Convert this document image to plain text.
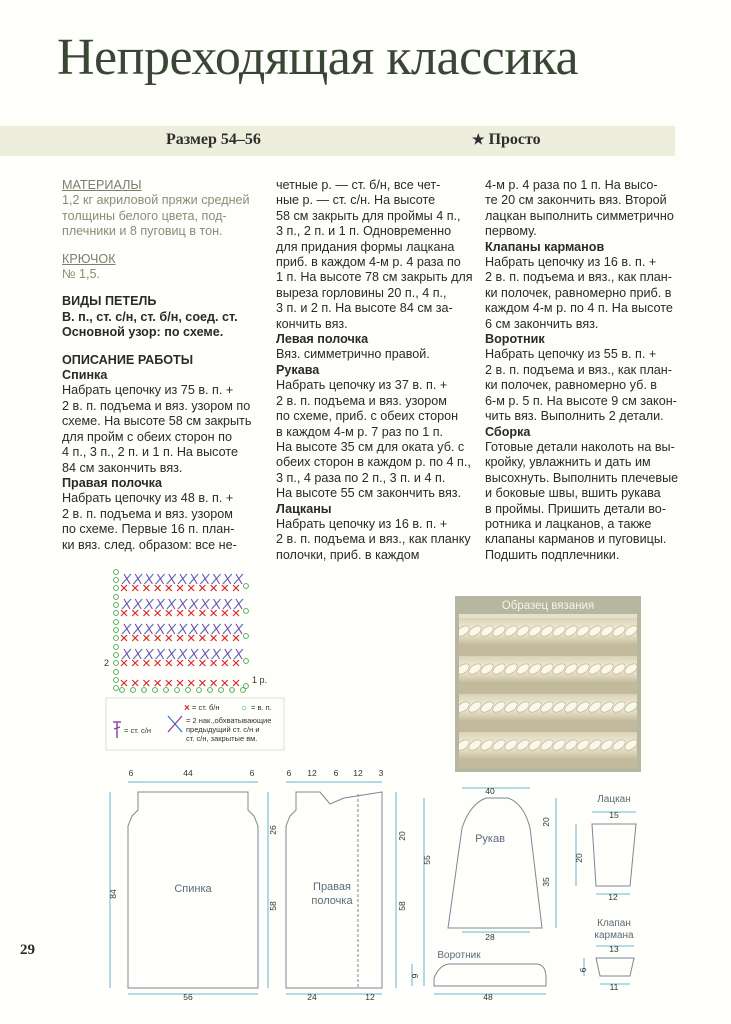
Непреходящая классика
Размер 54–56	★ Просто

МАТЕРИАЛЫ

1,2 кг акриловой пряжи средней

толщины белого цвета, под-

плечники и 8 пуговиц в тон.

КРЮЧОК

№ 1,5.

ВИДЫ ПЕТЕЛЬ

В. п., ст. с/н, ст. б/н, соед. ст.

Основной узор: по схеме.

ОПИСАНИЕ РАБОТЫ

Спинка

Набрать цепочку из 75 в. п. +

2 в. п. подъема и вяз. узором по

схеме. На высоте 58 см закрыть

для пройм с обеих сторон по

4 п., 3 п., 2 п. и 1 п. На высоте

84 см закончить вяз.

Правая полочка

Набрать цепочку из 48 в. п. +

2 в. п. подъема и вяз. узором

по схеме. Первые 16 п. план-

ки вяз. след. образом: все не-

четные р. — ст. б/н, все чет-

ные р. — ст. с/н. На высоте

58 см закрыть для проймы 4 п.,

3 п., 2 п. и 1 п. Одновременно

для придания формы лацкана

приб. в каждом 4-м р. 4 раза по

1 п. На высоте 78 см закрыть для

выреза горловины 20 п., 4 п.,

3 п. и 2 п. На высоте 84 см за-

кончить вяз.

Левая полочка

Вяз. симметрично правой.

Рукава

Набрать цепочку из 37 в. п. +

2 в. п. подъема и вяз. узором

по схеме, приб. с обеих сторон

в каждом 4-м р. 7 раз по 1 п.

На высоте 35 см для оката уб. с

обеих сторон в каждом р. по 4 п.,

3 п., 4 раза по 2 п., 3 п. и 4 п.

На высоте 55 см закончить вяз.

Лацканы

Набрать цепочку из 16 в. п. +

2 в. п. подъема и вяз., как планку

полочки, приб. в каждом

4-м р. 4 раза по 1 п. На высо-

те 20 см закончить вяз. Второй

лацкан выполнить симметрично

первому.

Клапаны карманов

Набрать цепочку из 16 в. п. +

2 в. п. подъема и вяз., как план-

ки полочек, равномерно приб. в

каждом 4-м р. по 4 п. На высоте

6 см закончить вяз.

Воротник

Набрать цепочку из 55 в. п. +

2 в. п. подъема и вяз., как план-

ки полочек, равномерно уб. в

6-м р. 5 п. На высоте 9 см закон-

чить вяз. Выполнить 2 детали.

Сборка

Готовые детали наколоть на вы-

кройку, увлажнить и дать им

высохнуть. Выполнить плечевые

и боковые швы, вшить рукава

в проймы. Пришить детали во-

ротника и лацканов, а также

клапаны карманов и пуговицы.

Подшить подплечники.

2
1 р.
× = ст. б/н ○ = в. п.
= ст. с/н
= 2 нак.,обхватывающие
предыдущий ст. с/н и
ст. с/н, закрытые вм.
Образец вязания
Спинка
6	44	6
84
56
Правая
полочка
6 12 6 12 3
26
58
20
58
24	12
Рукав
40
55
20
35
28
Лацкан
15
20
12
Клапан
кармана
13
6
11
Воротник
9
48
29
